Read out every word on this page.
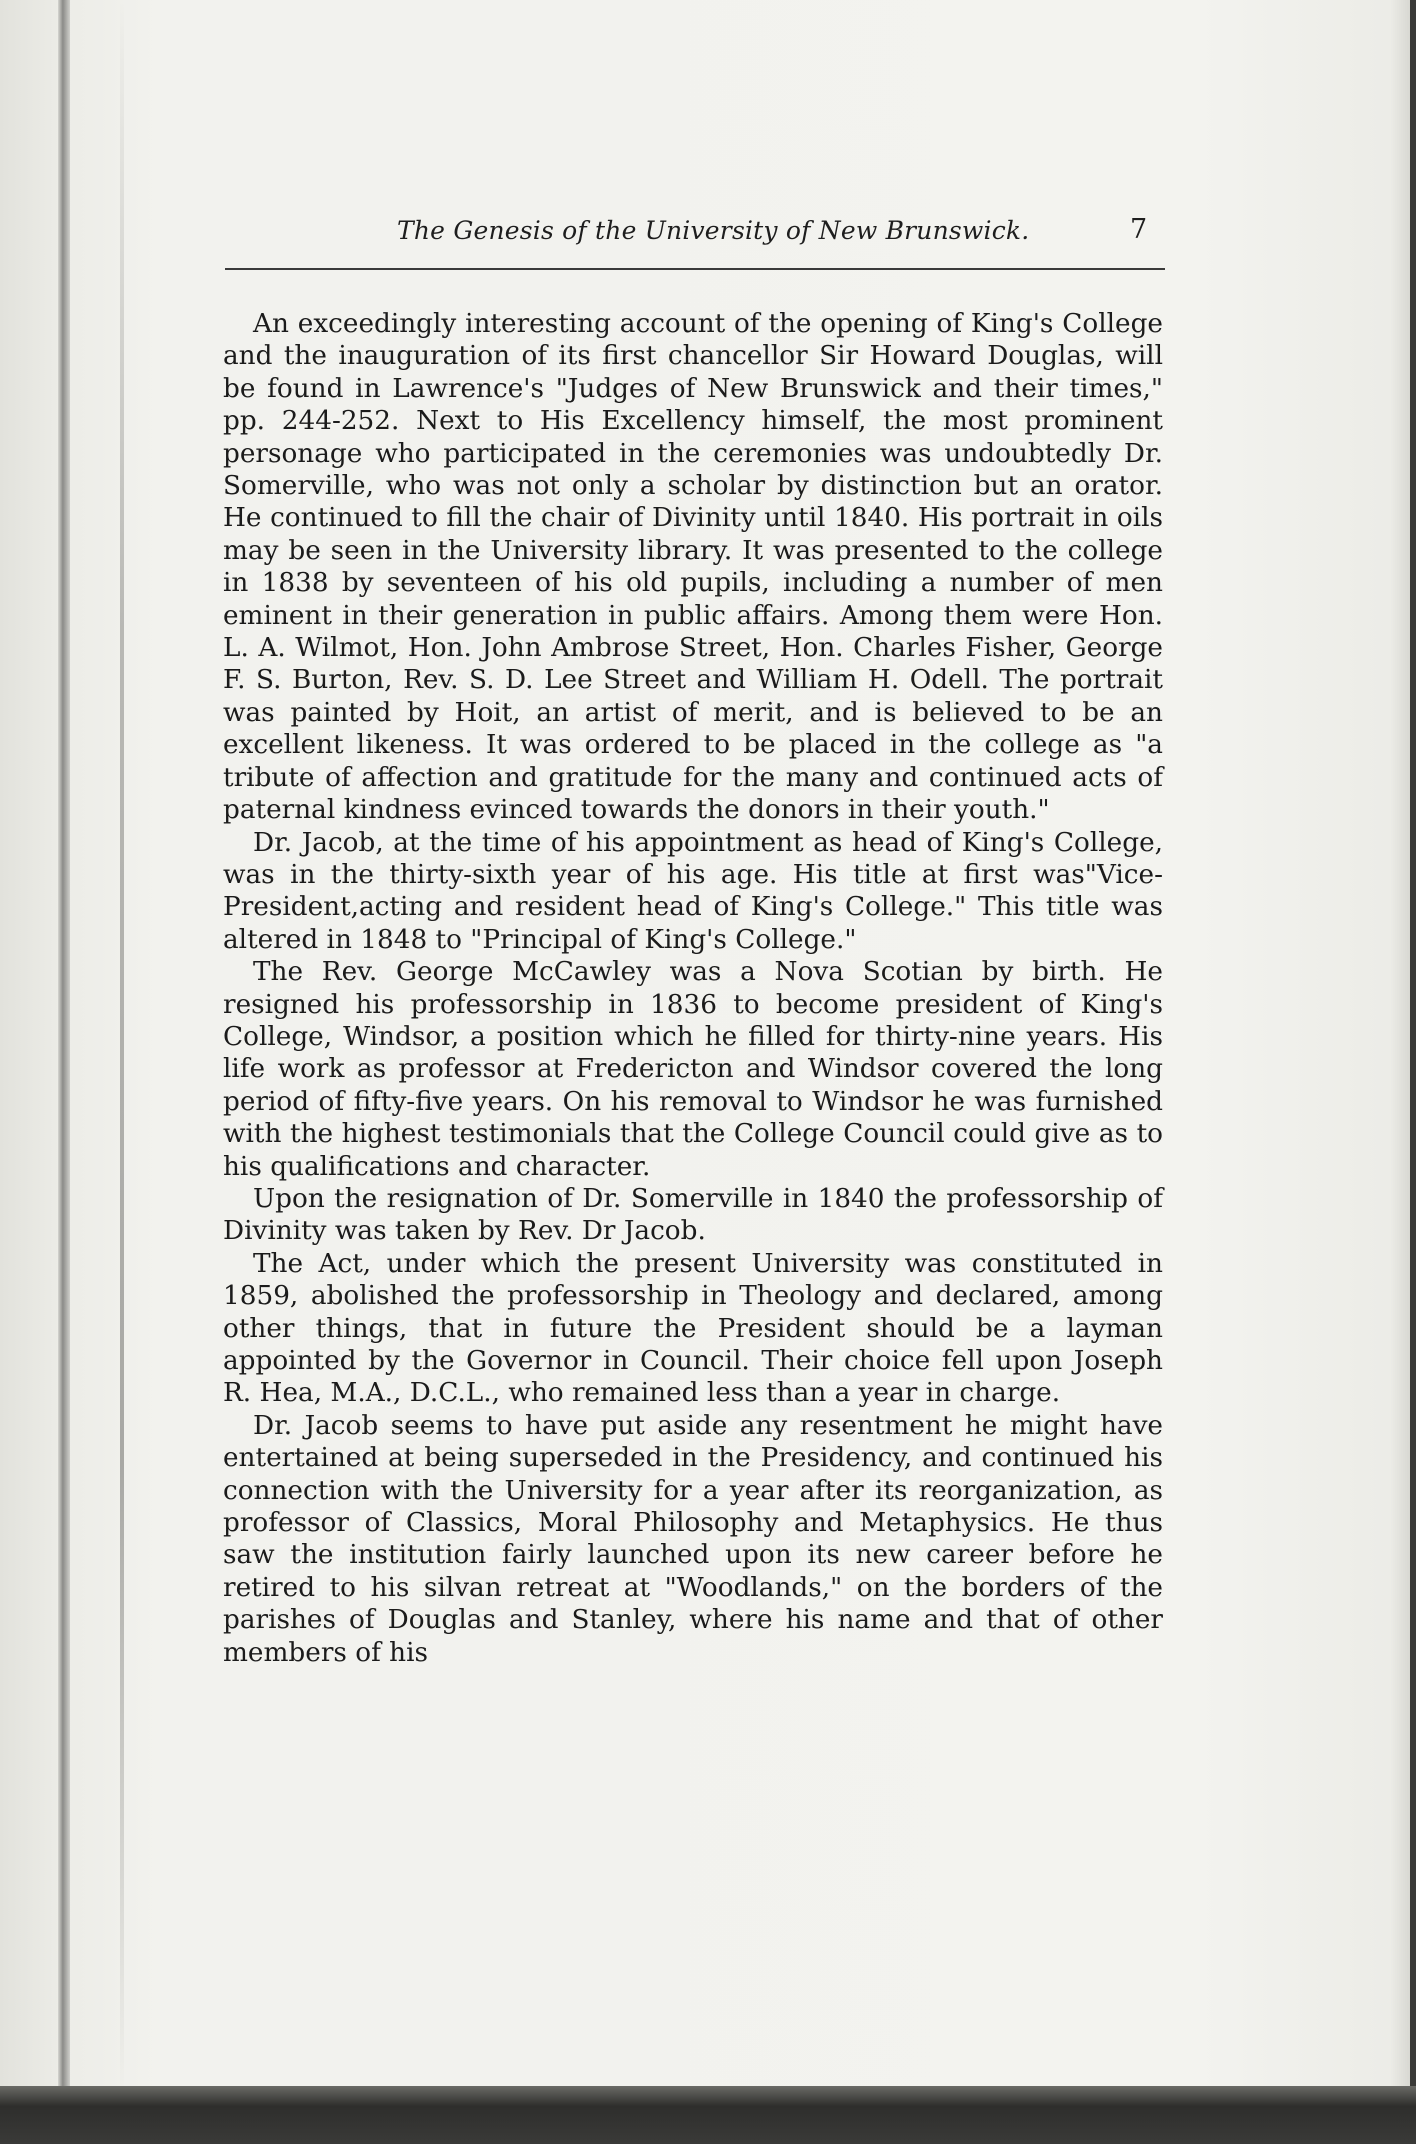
The Genesis of the University of New Brunswick.	7

An exceedingly interesting account of the opening of King's College and the inauguration of its first chancellor Sir Howard Douglas, will be found in Lawrence's "Judges of New Brunswick and their times," pp. 244-252. Next to His Excellency himself, the most prominent personage who participated in the ceremonies was undoubtedly Dr. Somerville, who was not only a scholar by distinction but an orator. He continued to fill the chair of Divinity until 1840. His portrait in oils may be seen in the University library. It was presented to the college in 1838 by seventeen of his old pupils, including a number of men eminent in their generation in public affairs. Among them were Hon. L. A. Wilmot, Hon. John Ambrose Street, Hon. Charles Fisher, George F. S. Burton, Rev. S. D. Lee Street and William H. Odell. The portrait was painted by Hoit, an artist of merit, and is believed to be an excellent likeness. It was ordered to be placed in the college as "a tribute of affection and gratitude for the many and continued acts of paternal kindness evinced towards the donors in their youth."

Dr. Jacob, at the time of his appointment as head of King's College, was in the thirty-sixth year of his age. His title at first was"Vice-President,acting and resident head of King's College." This title was altered in 1848 to "Principal of King's College."

The Rev. George McCawley was a Nova Scotian by birth. He resigned his professorship in 1836 to become president of King's College, Windsor, a position which he filled for thirty-nine years. His life work as professor at Fredericton and Windsor covered the long period of fifty-five years. On his removal to Windsor he was furnished with the highest testimonials that the College Council could give as to his qualifications and character.

Upon the resignation of Dr. Somerville in 1840 the professorship of Divinity was taken by Rev. Dr Jacob.

The Act, under which the present University was constituted in 1859, abolished the professorship in Theology and declared, among other things, that in future the President should be a layman appointed by the Governor in Council. Their choice fell upon Joseph R. Hea, M.A., D.C.L., who remained less than a year in charge.

Dr. Jacob seems to have put aside any resentment he might have entertained at being superseded in the Presidency, and continued his connection with the University for a year after its reorganization, as professor of Classics, Moral Philosophy and Metaphysics. He thus saw the institution fairly launched upon its new career before he retired to his silvan retreat at "Woodlands," on the borders of the parishes of Douglas and Stanley, where his name and that of other members of his
